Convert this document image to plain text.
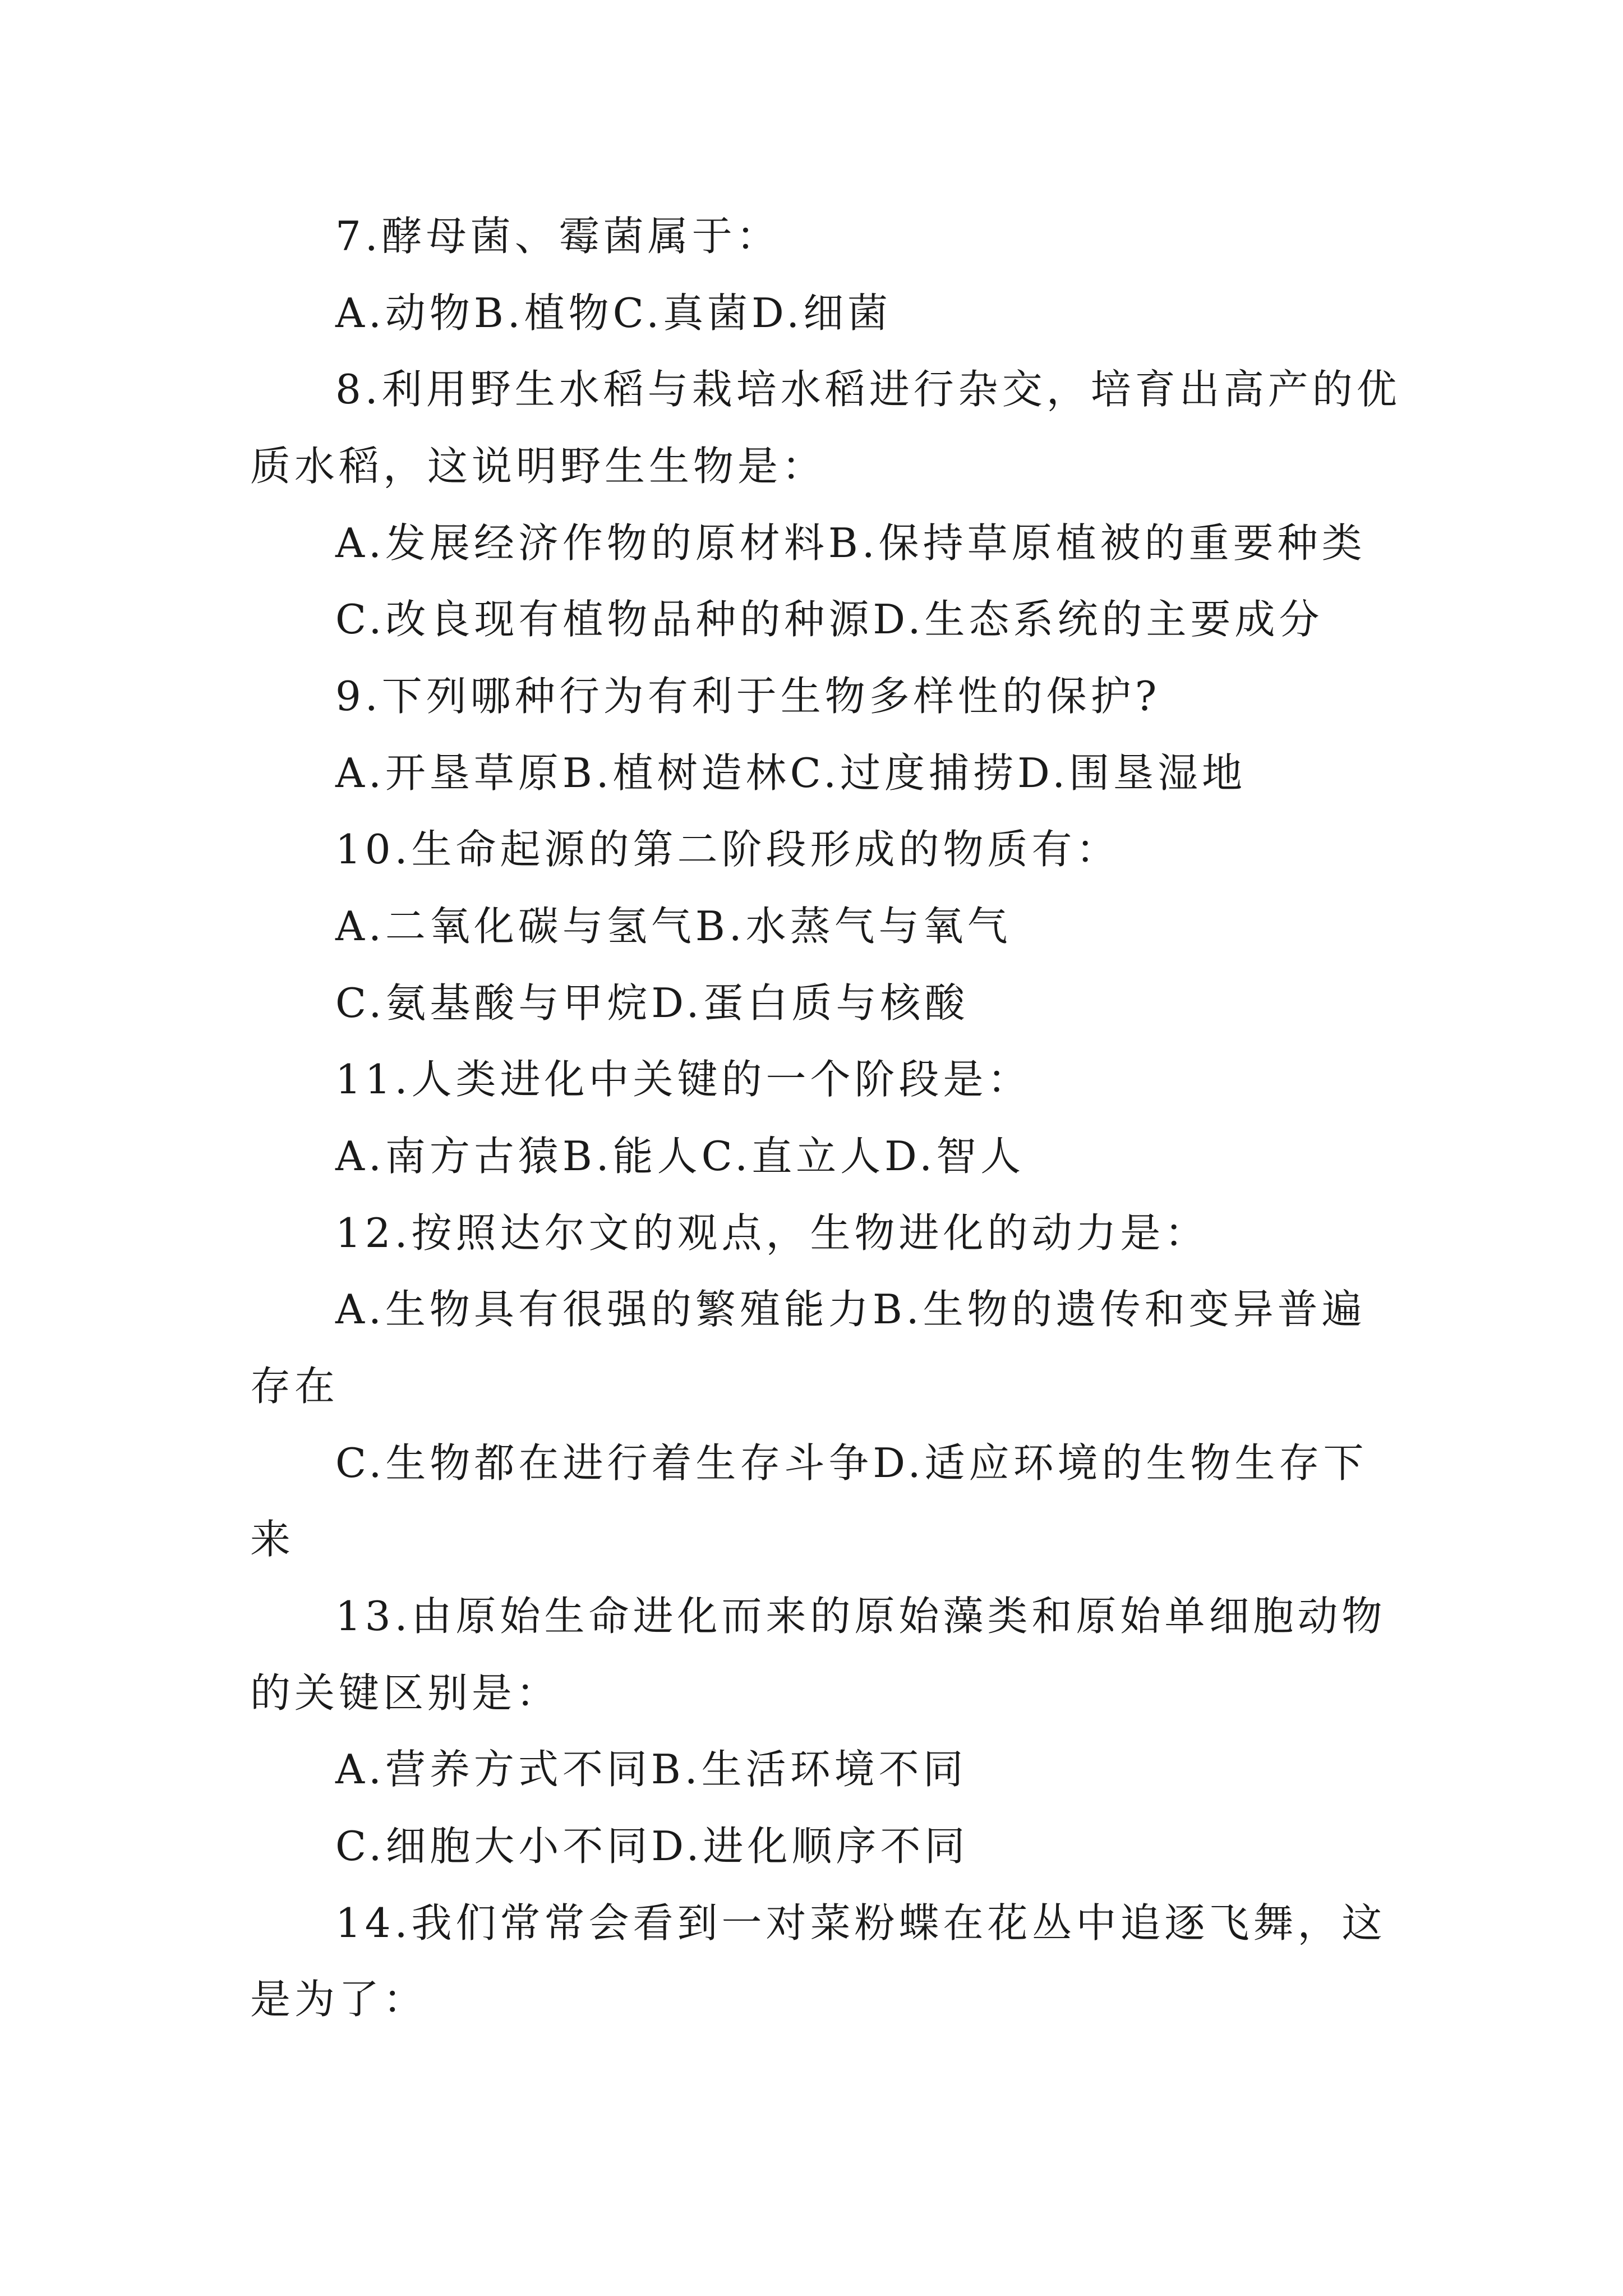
7.酵母菌、霉菌属于：
A.动物B.植物C.真菌D.细菌
8.利用野生水稻与栽培水稻进行杂交，培育出高产的优
质水稻，这说明野生生物是：
A.发展经济作物的原材料B.保持草原植被的重要种类
C.改良现有植物品种的种源D.生态系统的主要成分
9.下列哪种行为有利于生物多样性的保护?
A.开垦草原B.植树造林C.过度捕捞D.围垦湿地
10.生命起源的第二阶段形成的物质有：
A.二氧化碳与氢气B.水蒸气与氧气
C.氨基酸与甲烷D.蛋白质与核酸
11.人类进化中关键的一个阶段是：
A.南方古猿B.能人C.直立人D.智人
12.按照达尔文的观点，生物进化的动力是：
A.生物具有很强的繁殖能力B.生物的遗传和变异普遍
存在
C.生物都在进行着生存斗争D.适应环境的生物生存下
来
13.由原始生命进化而来的原始藻类和原始单细胞动物
的关键区别是：
A.营养方式不同B.生活环境不同
C.细胞大小不同D.进化顺序不同
14.我们常常会看到一对菜粉蝶在花丛中追逐飞舞，这
是为了：
